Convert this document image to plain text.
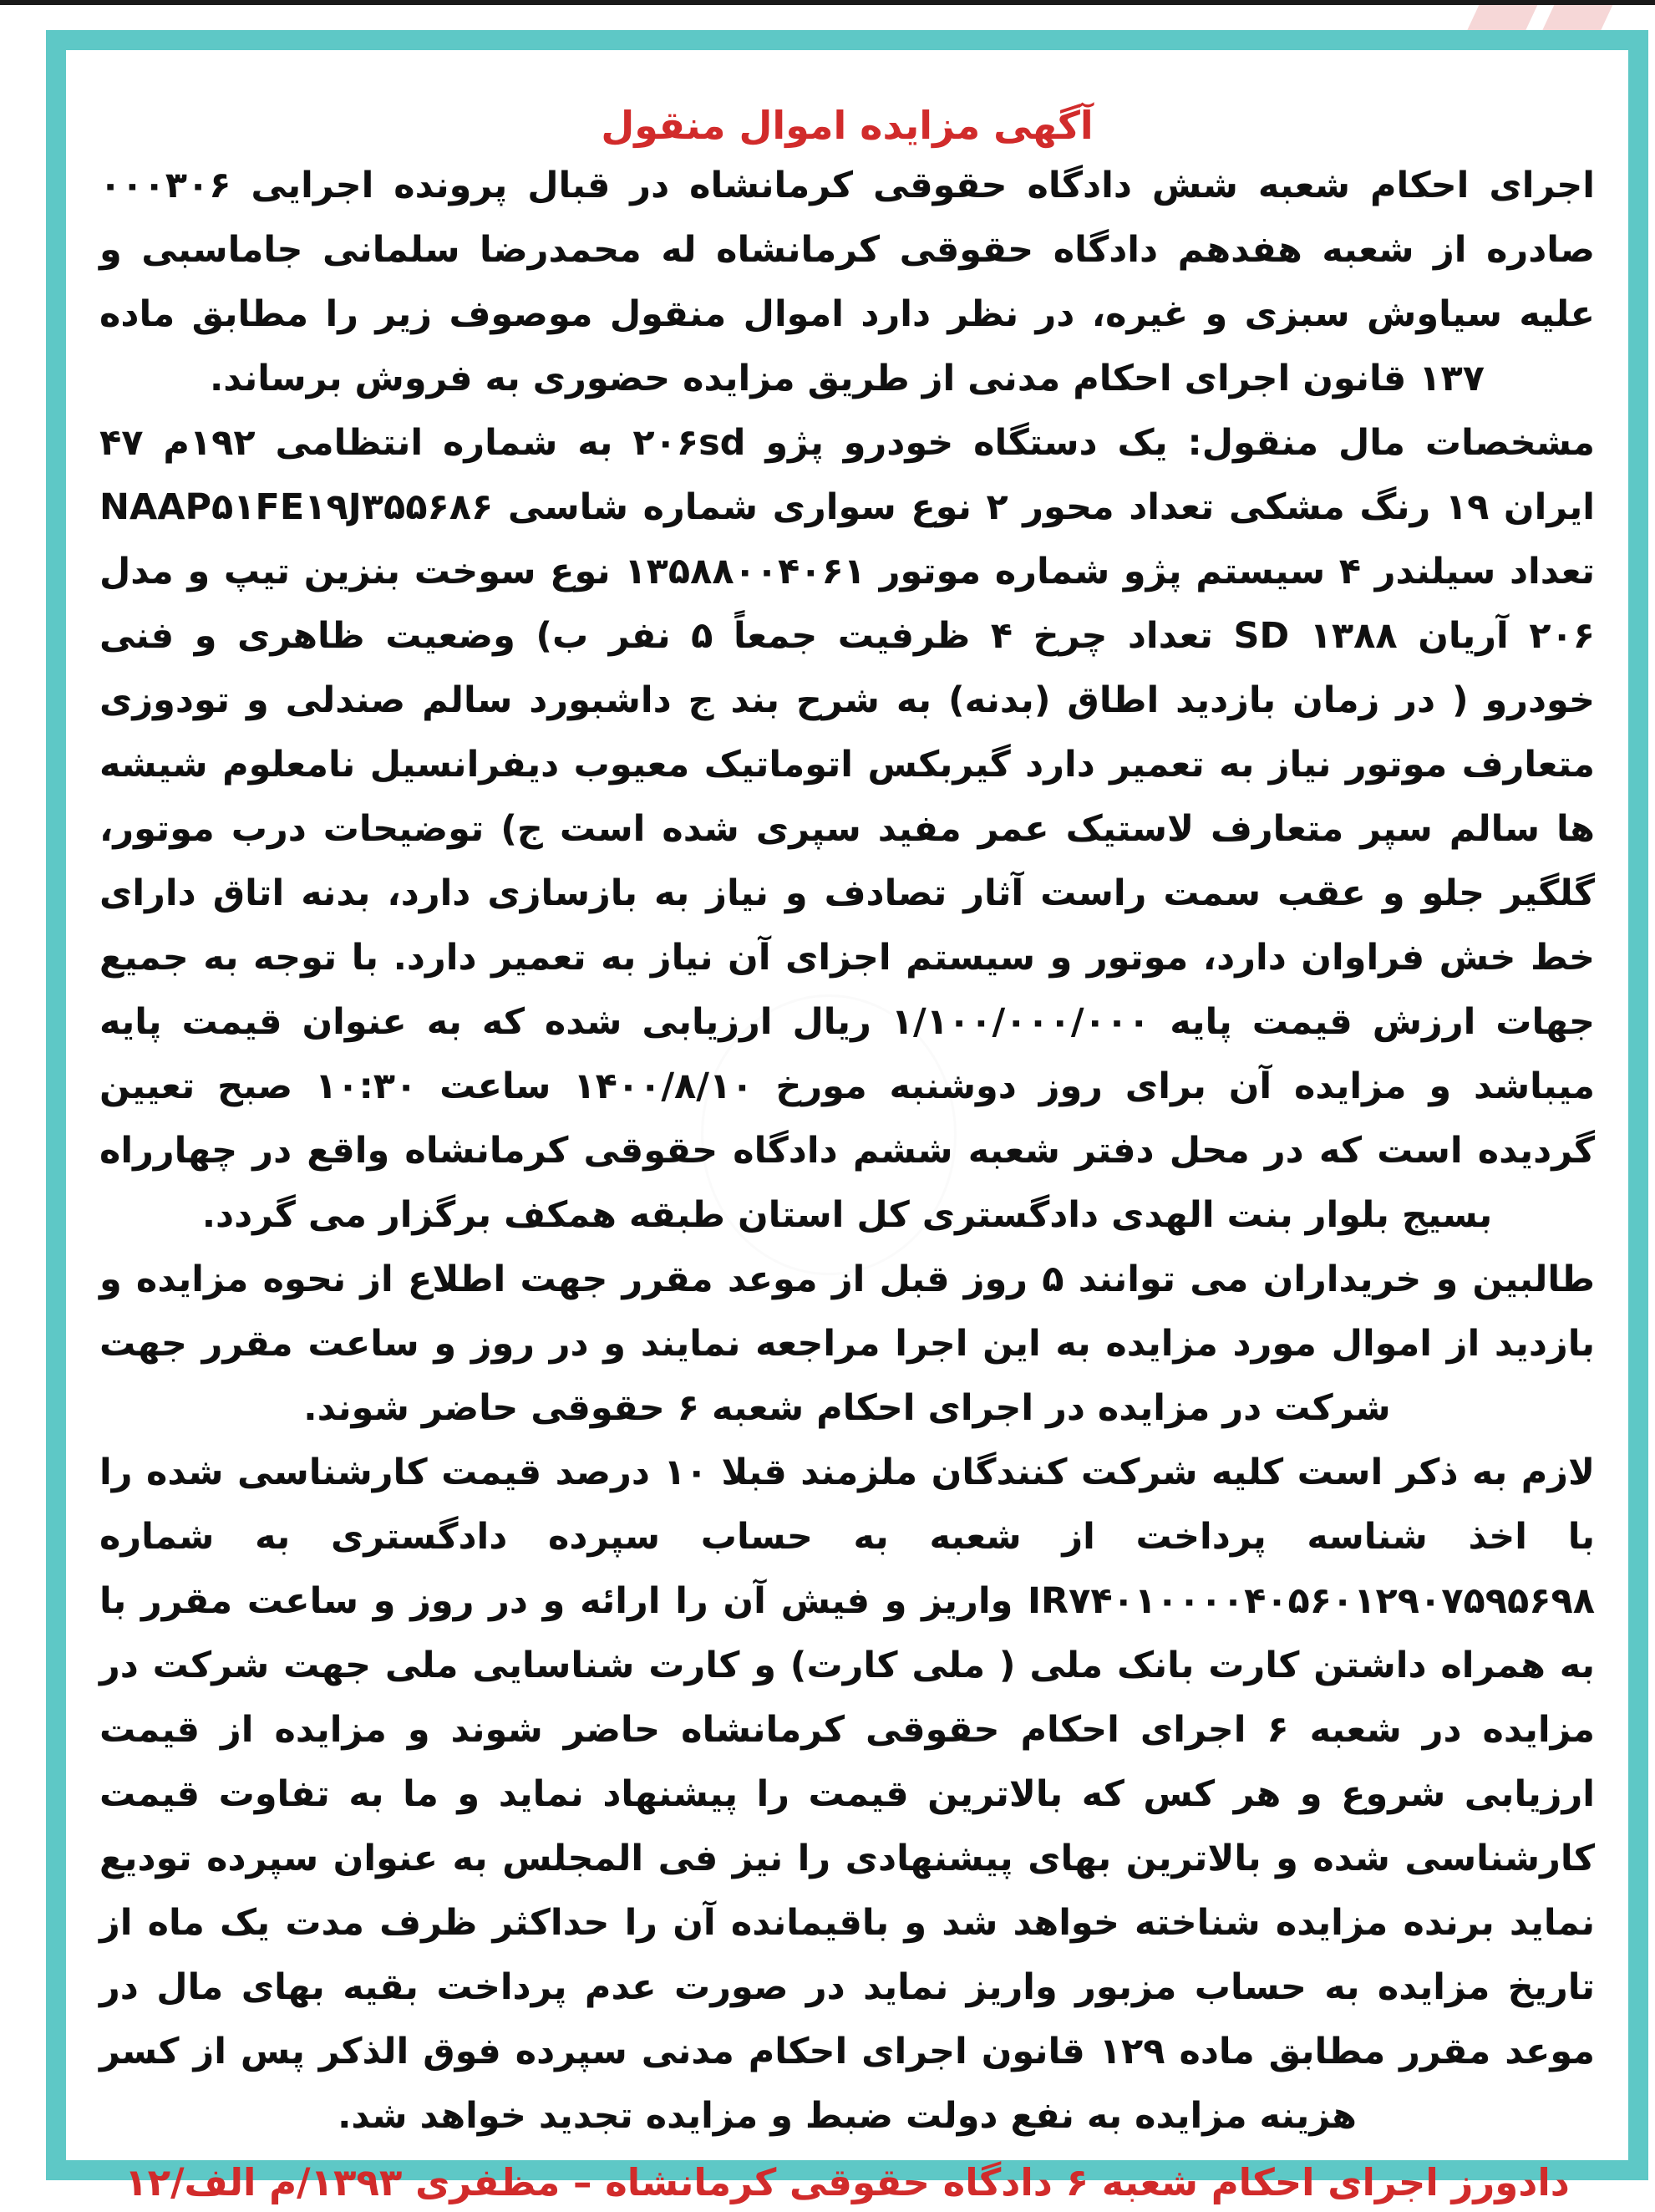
آگهی مزایده اموال منقول

اجرای احکام شعبه شش دادگاه حقوقی کرمانشاه در قبال پرونده اجرایی ۰۰۰۳۰۶ صادره از شعبه هفدهم دادگاه حقوقی کرمانشاه له محمدرضا سلمانی جاماسبی و علیه سیاوش سبزی و غیره، در نظر دارد اموال منقول موصوف زیر را مطابق ماده ۱۳۷ قانون اجرای احکام مدنی از طریق مزایده حضوری به فروش برساند.

مشخصات مال منقول: یک دستگاه خودرو پژو ۲۰۶sd به شماره انتظامی ۱۹۲م ۴۷ ایران ۱۹ رنگ مشکی تعداد محور ۲ نوع سواری شماره شاسی NAAP۵۱FE۱۹J۳۵۵۶۸۶ تعداد سیلندر ۴ سیستم پژو شماره موتور ۱۳۵۸۸۰۰۴۰۶۱ نوع سوخت بنزین تیپ و مدل ۲۰۶ آریان ۱۳۸۸ SD تعداد چرخ ۴ ظرفیت جمعاً ۵ نفر ب) وضعیت ظاهری و فنی خودرو ( در زمان بازدید اطاق (بدنه) به شرح بند ج داشبورد سالم صندلی و تودوزی متعارف موتور نیاز به تعمیر دارد گیربکس اتوماتیک معیوب دیفرانسیل نامعلوم شیشه ها سالم سپر متعارف لاستیک عمر مفید سپری شده است ج) توضیحات درب موتور، گلگیر جلو و عقب سمت راست آثار تصادف و نیاز به بازسازی دارد، بدنه اتاق دارای خط خش فراوان دارد، موتور و سیستم اجزای آن نیاز به تعمیر دارد. با توجه به جمیع جهات ارزش قیمت پایه ۱/۱۰۰/۰۰۰/۰۰۰ ریال ارزیابی شده که به عنوان قیمت پایه میباشد و مزایده آن برای روز دوشنبه مورخ ۱۴۰۰/۸/۱۰ ساعت ۱۰:۳۰ صبح تعیین گردیده است که در محل دفتر شعبه ششم دادگاه حقوقی کرمانشاه واقع در چهارراه بسیج بلوار بنت الهدی دادگستری کل استان طبقه همکف برگزار می گردد.

طالبین و خریداران می توانند ۵ روز قبل از موعد مقرر جهت اطلاع از نحوه مزایده و بازدید از اموال مورد مزایده به این اجرا مراجعه نمایند و در روز و ساعت مقرر جهت شرکت در مزایده در اجرای احکام شعبه ۶ حقوقی حاضر شوند.

لازم به ذکر است کلیه شرکت کنندگان ملزمند قبلا ۱۰ درصد قیمت کارشناسی شده را با اخذ شناسه پرداخت از شعبه به حساب سپرده دادگستری به شماره IR۷۴۰۱۰۰۰۰۴۰۵۶۰۱۲۹۰۷۵۹۵۶۹۸ واریز و فیش آن را ارائه و در روز و ساعت مقرر با به همراه داشتن کارت بانک ملی ( ملی کارت) و کارت شناسایی ملی جهت شرکت در مزایده در شعبه ۶ اجرای احکام حقوقی کرمانشاه حاضر شوند و مزایده از قیمت ارزیابی شروع و هر کس که بالاترین قیمت را پیشنهاد نماید و ما به تفاوت قیمت کارشناسی شده و بالاترین بهای پیشنهادی را نیز فی المجلس به عنوان سپرده تودیع نماید برنده مزایده شناخته خواهد شد و باقیمانده آن را حداکثر ظرف مدت یک ماه از تاریخ مزایده به حساب مزبور واریز نماید در صورت عدم پرداخت بقیه بهای مال در موعد مقرر مطابق ماده ۱۲۹ قانون اجرای احکام مدنی سپرده فوق الذکر پس از کسر هزینه مزایده به نفع دولت ضبط و مزایده تجدید خواهد شد.

دادورز اجرای احکام شعبه ۶ دادگاه حقوقی کرمانشاه – مظفری ۱۳۹۳/م الف/۱۲
